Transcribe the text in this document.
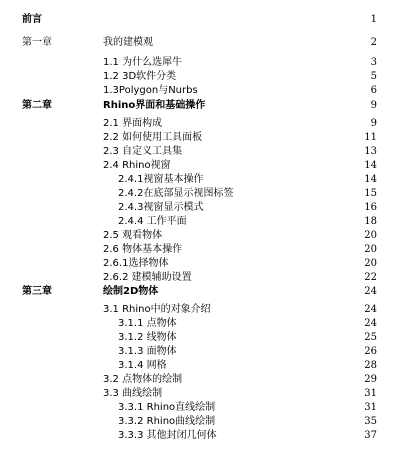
前言	1
第一章	我的建模观	2
1.1 为什么选犀牛	3
1.2 3D软件分类	5
1.3Polygon与Nurbs	6
第二章	Rhino界面和基础操作	9
2.1 界面构成	9
2.2 如何使用工具面板	11
2.3 自定义工具集	13
2.4 Rhino视窗	14
2.4.1视窗基本操作	14
2.4.2在底部显示视图标签	15
2.4.3视窗显示模式	16
2.4.4 工作平面	18
2.5 观看物体	20
2.6 物体基本操作	20
2.6.1选择物体	20
2.6.2 建模辅助设置	22
第三章	绘制2D物体	24
3.1 Rhino中的对象介绍	24
3.1.1 点物体	24
3.1.2 线物体	25
3.1.3 面物体	26
3.1.4 网格	28
3.2 点物体的绘制	29
3.3 曲线绘制	31
3.3.1 Rhino直线绘制	31
3.3.2 Rhino曲线绘制	35
3.3.3 其他封闭几何体	37
